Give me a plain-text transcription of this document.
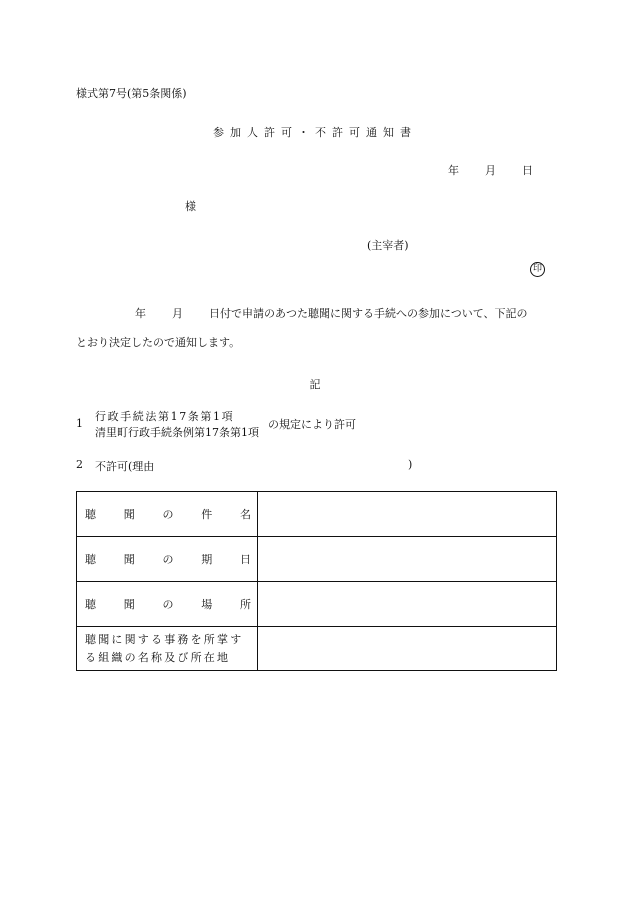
様式第7号(第5条関係)
参加人許可・不許可通知書
年 月 日
様
(主宰者)
印
年 月 日付で申請のあつた聴聞に関する手続への参加について、下記の
とおり決定したので通知します。
記
1
行政手続法第17条第1項
清里町行政手続条例第17条第1項
の規定により許可
2 不許可(理由	)
聴 聞 の 件 名	

聴 聞 の 期 日	

聴 聞 の 場 所	

聴聞に関する事務を所掌する組織の名称及び所在地	
